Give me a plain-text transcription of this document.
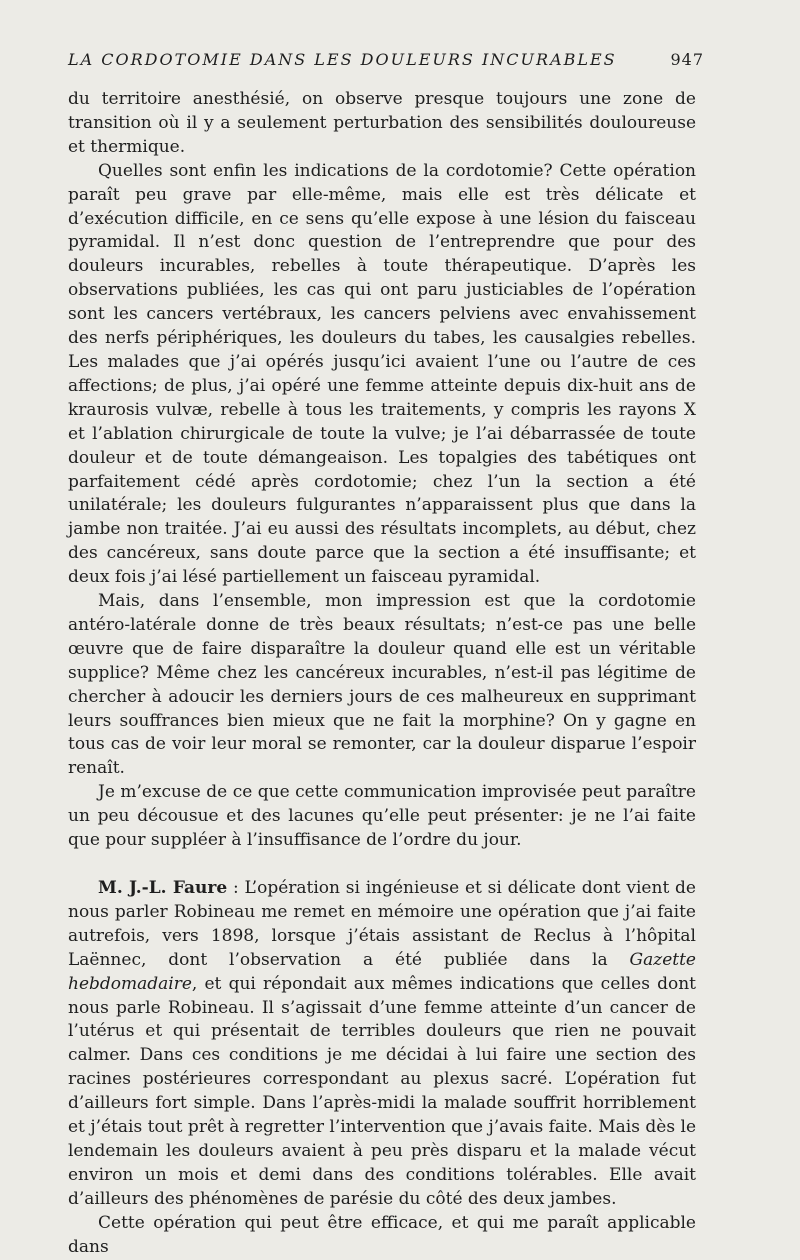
LA CORDOTOMIE DANS LES DOULEURS INCURABLES	947

du territoire anesthésié, on observe presque toujours une zone de transition où il y a seulement perturbation des sensibilités douloureuse et thermique.

Quelles sont enfin les indications de la cordotomie? Cette opération paraît peu grave par elle-même, mais elle est très délicate et d’exécution difficile, en ce sens qu’elle expose à une lésion du faisceau pyramidal. Il n’est donc question de l’entreprendre que pour des douleurs incurables, rebelles à toute thérapeutique. D’après les observations publiées, les cas qui ont paru justiciables de l’opération sont les cancers vertébraux, les cancers pelviens avec envahissement des nerfs périphériques, les douleurs du tabes, les causalgies rebelles. Les malades que j’ai opérés jusqu’ici avaient l’une ou l’autre de ces affections; de plus, j’ai opéré une femme atteinte depuis dix-huit ans de kraurosis vulvæ, rebelle à tous les traitements, y compris les rayons X et l’ablation chirurgicale de toute la vulve; je l’ai débarrassée de toute douleur et de toute démangeaison. Les topalgies des tabétiques ont parfaitement cédé après cordotomie; chez l’un la section a été unilatérale; les douleurs fulgurantes n’apparaissent plus que dans la jambe non traitée. J’ai eu aussi des résultats incomplets, au début, chez des cancéreux, sans doute parce que la section a été insuffisante; et deux fois j’ai lésé partiellement un faisceau pyramidal.

Mais, dans l’ensemble, mon impression est que la cordotomie antéro-latérale donne de très beaux résultats; n’est-ce pas une belle œuvre que de faire disparaître la douleur quand elle est un véritable supplice? Même chez les cancéreux incurables, n’est-il pas légitime de chercher à adoucir les derniers jours de ces malheureux en supprimant leurs souffrances bien mieux que ne fait la morphine? On y gagne en tous cas de voir leur moral se remonter, car la douleur disparue l’espoir renaît.

Je m’excuse de ce que cette communication improvisée peut paraître un peu décousue et des lacunes qu’elle peut présenter: je ne l’ai faite que pour suppléer à l’insuffisance de l’ordre du jour.

M. J.-L. Faure : L’opération si ingénieuse et si délicate dont vient de nous parler Robineau me remet en mémoire une opération que j’ai faite autrefois, vers 1898, lorsque j’étais assistant de Reclus à l’hôpital Laënnec, dont l’observation a été publiée dans la Gazette hebdomadaire, et qui répondait aux mêmes indications que celles dont nous parle Robineau. Il s’agissait d’une femme atteinte d’un cancer de l’utérus et qui présentait de terribles douleurs que rien ne pouvait calmer. Dans ces conditions je me décidai à lui faire une section des racines postérieures correspondant au plexus sacré. L’opération fut d’ailleurs fort simple. Dans l’après-midi la malade souffrit horriblement et j’étais tout prêt à regretter l’intervention que j’avais faite. Mais dès le lendemain les douleurs avaient à peu près disparu et la malade vécut environ un mois et demi dans des conditions tolérables. Elle avait d’ailleurs des phénomènes de parésie du côté des deux jambes.

Cette opération qui peut être efficace, et qui me paraît applicable dans
